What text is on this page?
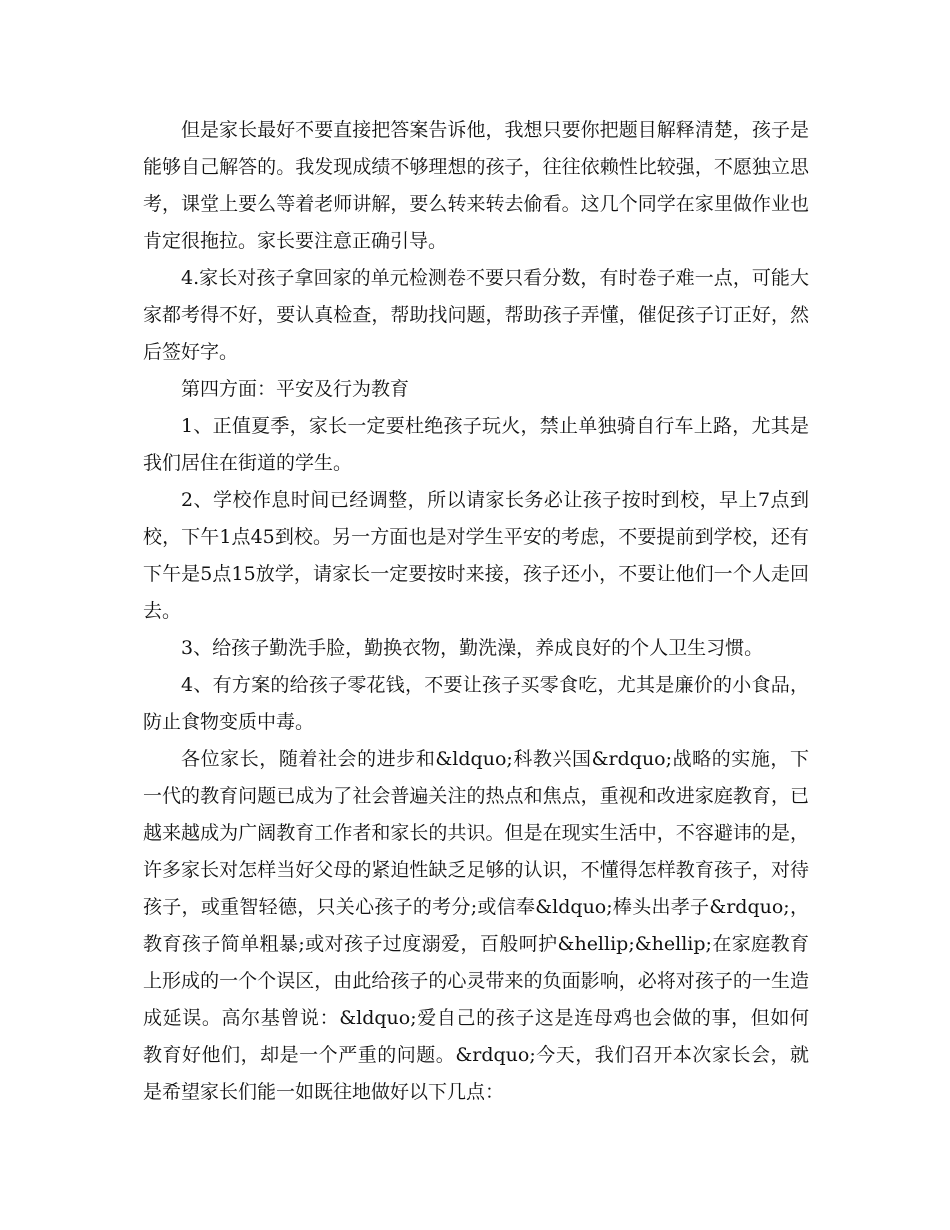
但是家长最好不要直接把答案告诉他，我想只要你把题目解释清楚，孩子是能够自己解答的。我发现成绩不够理想的孩子，往往依赖性比较强，不愿独立思考，课堂上要么等着老师讲解，要么转来转去偷看。这几个同学在家里做作业也肯定很拖拉。家长要注意正确引导。

4.家长对孩子拿回家的单元检测卷不要只看分数，有时卷子难一点，可能大家都考得不好，要认真检查，帮助找问题，帮助孩子弄懂，催促孩子订正好，然后签好字。

第四方面：平安及行为教育

1、正值夏季，家长一定要杜绝孩子玩火，禁止单独骑自行车上路，尤其是我们居住在街道的学生。

2、学校作息时间已经调整，所以请家长务必让孩子按时到校，早上7点到校，下午1点45到校。另一方面也是对学生平安的考虑，不要提前到学校，还有下午是5点15放学，请家长一定要按时来接，孩子还小，不要让他们一个人走回去。

3、给孩子勤洗手脸，勤换衣物，勤洗澡，养成良好的个人卫生习惯。

4、有方案的给孩子零花钱，不要让孩子买零食吃，尤其是廉价的小食品，防止食物变质中毒。

各位家长，随着社会的进步和&ldquo;科教兴国&rdquo;战略的实施，下一代的教育问题已成为了社会普遍关注的热点和焦点，重视和改进家庭教育，已越来越成为广阔教育工作者和家长的共识。但是在现实生活中，不容避讳的是，许多家长对怎样当好父母的紧迫性缺乏足够的认识，不懂得怎样教育孩子，对待孩子，或重智轻德，只关心孩子的考分;或信奉&ldquo;棒头出孝子&rdquo;，教育孩子简单粗暴;或对孩子过度溺爱，百般呵护&hellip;&hellip;在家庭教育上形成的一个个误区，由此给孩子的心灵带来的负面影响，必将对孩子的一生造成延误。高尔基曾说：&ldquo;爱自己的孩子这是连母鸡也会做的事，但如何教育好他们，却是一个严重的问题。&rdquo;今天，我们召开本次家长会，就是希望家长们能一如既往地做好以下几点：
